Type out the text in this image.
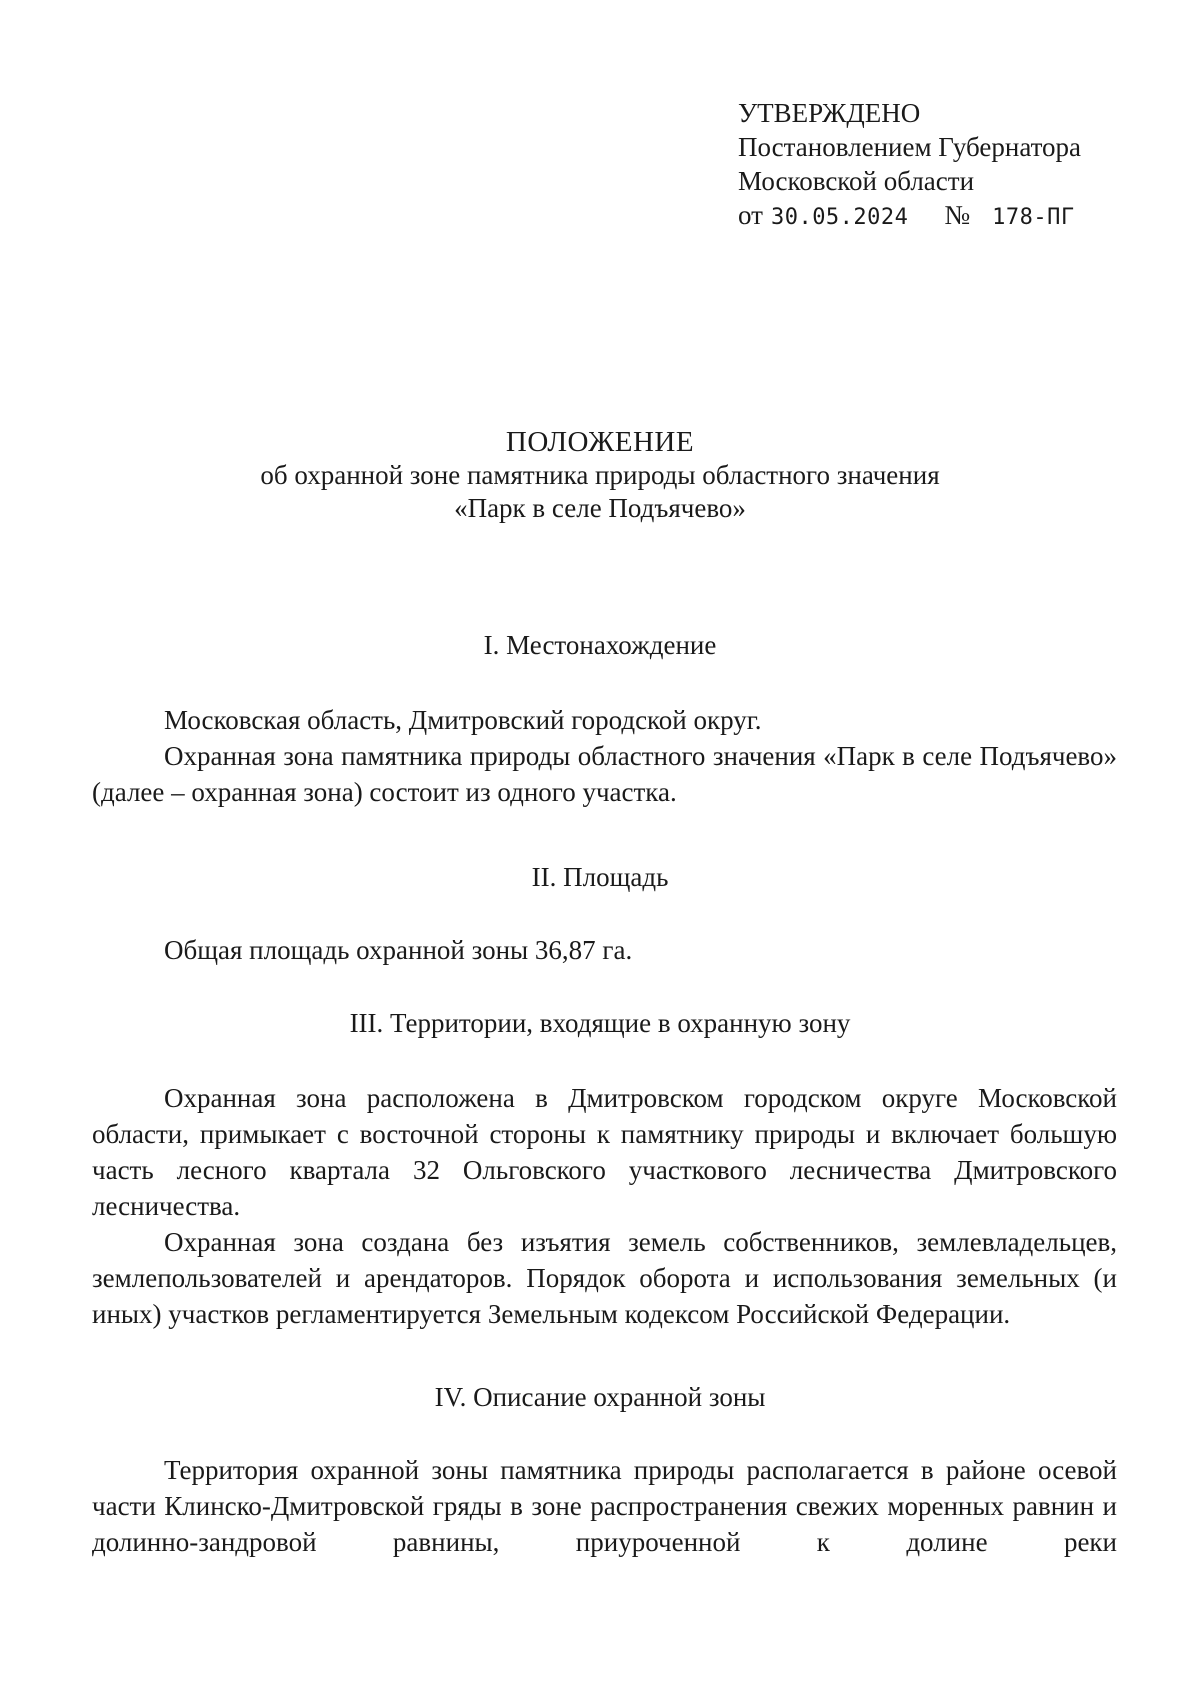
УТВЕРЖДЕНО
Постановлением Губернатора
Московской области
от 30.05.2024 № 178-ПГ
ПОЛОЖЕНИЕ
об охранной зоне памятника природы областного значения
«Парк в селе Подъячево»
I. Местонахождение

Московская область, Дмитровский городской округ.

Охранная зона памятника природы областного значения «Парк в селе Подъячево» (далее – охранная зона) состоит из одного участка.

II. Площадь

Общая площадь охранной зоны 36,87 га.

III. Территории, входящие в охранную зону

Охранная зона расположена в Дмитровском городском округе Московской области, примыкает с восточной стороны к памятнику природы и включает большую часть лесного квартала 32 Ольговского участкового лесничества Дмитровского лесничества.

Охранная зона создана без изъятия земель собственников, землевладельцев, землепользователей и арендаторов. Порядок оборота и использования земельных (и иных) участков регламентируется Земельным кодексом Российской Федерации.

IV. Описание охранной зоны

Территория охранной зоны памятника природы располагается в районе осевой части Клинско-Дмитровской гряды в зоне распространения свежих моренных равнин и долинно-зандровой равнины, приуроченной к долине реки
